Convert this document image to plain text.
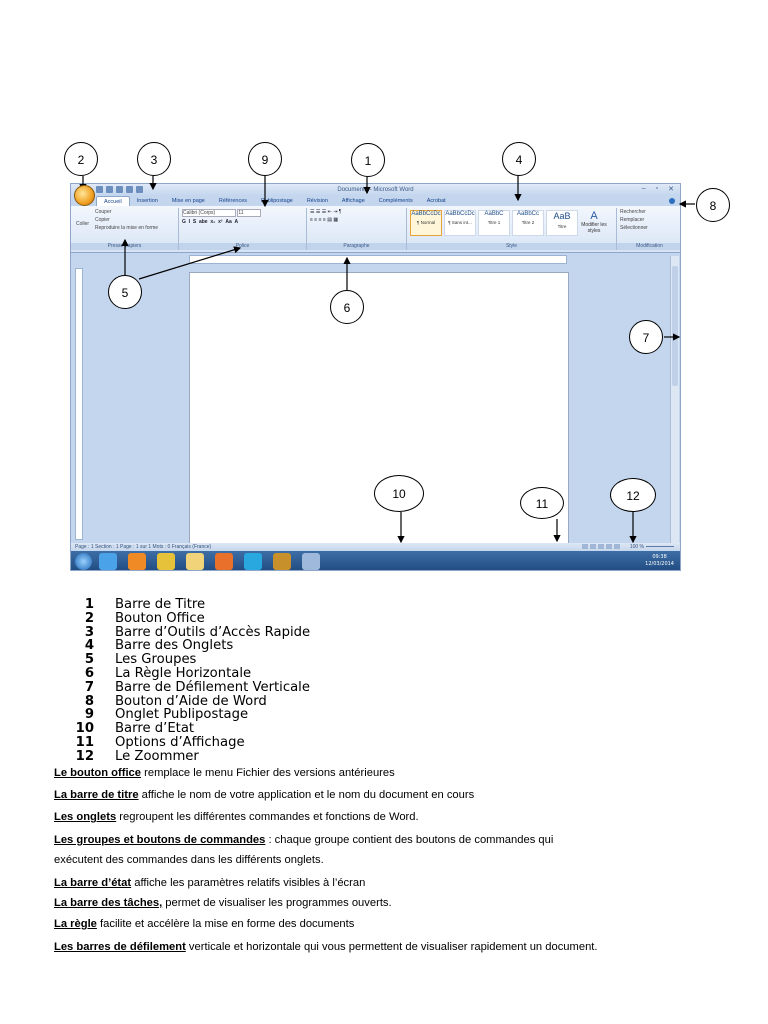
Document1 - Microsoft Word	– ▫ ✕
Accueil	Insertion	Mise en page	Références	Publipostage	Révision	Affichage	Compléments	Acrobat
Couper
Copier
Reproduire la mise en forme
Coller
Presse-papiers
Calibri (Corps)	11
G  I  S  abe  x₂  x²  Aa  A
Police
☰ ☰ ☰ ⇤ ⇥ ¶
≡ ≡ ≡ ≡ ▤ ▦
Paragraphe
AaBbCcDc
¶ Normal
AaBbCcDc
¶ Sans int...
AaBbC
Titre 1
AaBbCc
Titre 2
AaB
Titre
A
Modifier les styles
Style
Rechercher
Remplacer
Sélectionner
Modification
Page : 1 Section : 1 Page : 1 sur 1 Mots : 0 Français (France)	100 %
09:38
12/03/2014
1
2	3	4
5
6
7
8
9
10
11
12
1 Barre de Titre
2 Bouton Office
3 Barre d’Outils d’Accès Rapide
4 Barre des Onglets
5 Les Groupes
6 La Règle Horizontale
7 Barre de Défilement Verticale
8 Bouton d’Aide de Word
9 Onglet Publipostage
10 Barre d’Etat
11 Options d’Affichage
12 Le Zoommer

Le bouton office remplace le menu Fichier des versions antérieures

La barre de titre affiche le nom de votre application et le nom du document en cours

Les onglets regroupent les différentes commandes et fonctions de Word.

Les groupes et boutons de commandes : chaque groupe contient des boutons de commandes qui

exécutent des commandes dans les différents onglets.

La barre d’état affiche les paramètres relatifs visibles à l’écran

La barre des tâches, permet de visualiser les programmes ouverts.

La règle facilite et accélère la mise en forme des documents

Les barres de défilement verticale et horizontale qui vous permettent de visualiser rapidement un document.
